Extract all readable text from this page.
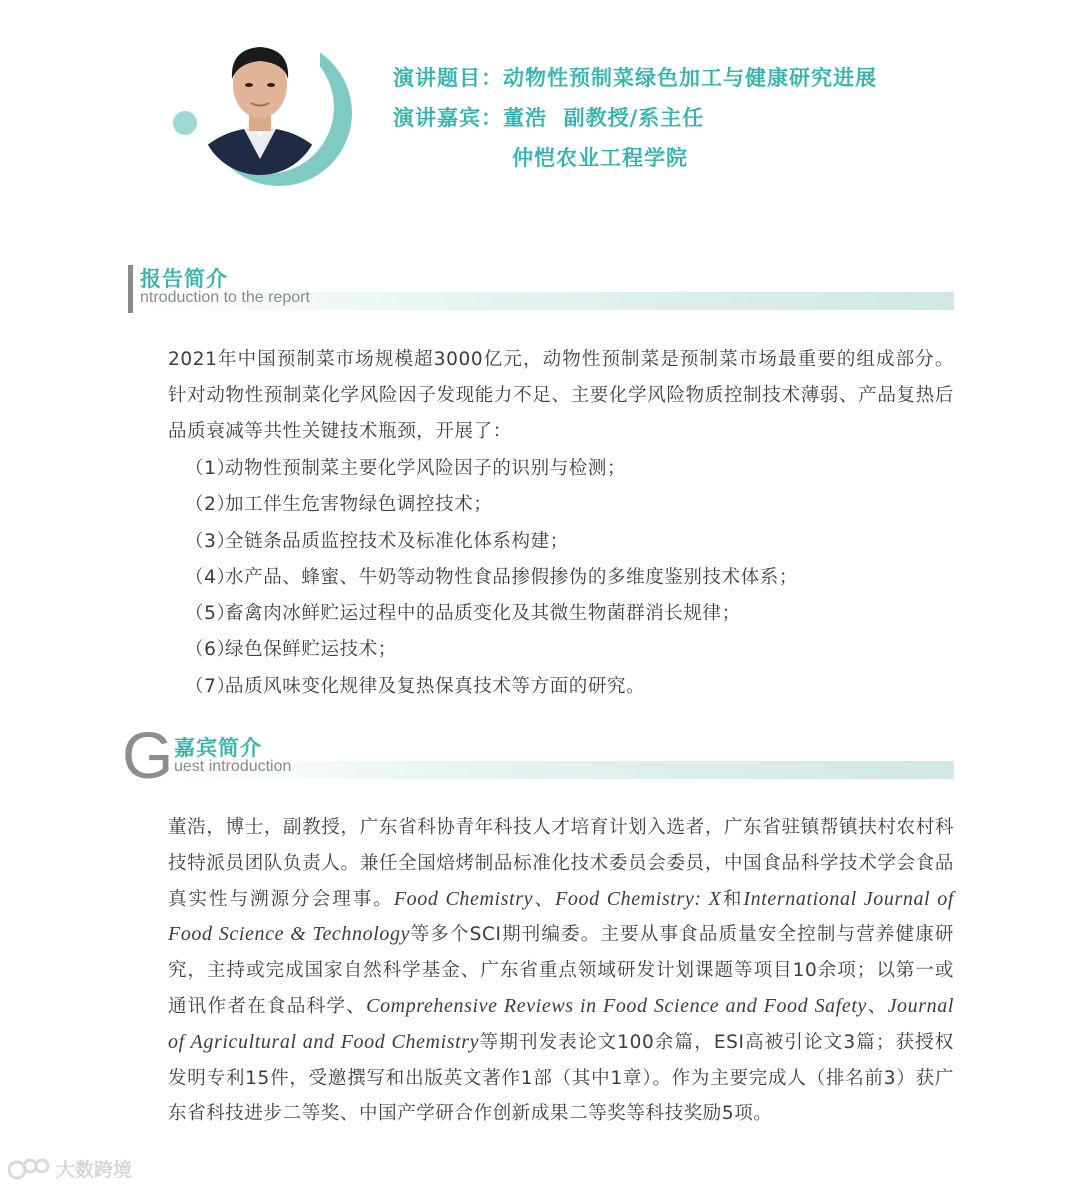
演讲题目：动物性预制菜绿色加工与健康研究进展
演讲嘉宾：董浩  副教授/系主任
仲恺农业工程学院
报告简介
ntroduction to the report
2021年中国预制菜市场规模超3000亿元，动物性预制菜是预制菜市场最重要的组成部分。针对动物性预制菜化学风险因子发现能力不足、主要化学风险物质控制技术薄弱、产品复热后品质衰减等共性关键技术瓶颈，开展了：
（1）动物性预制菜主要化学风险因子的识别与检测；
（2）加工伴生危害物绿色调控技术；
（3）全链条品质监控技术及标准化体系构建；
（4）水产品、蜂蜜、牛奶等动物性食品掺假掺伪的多维度鉴别技术体系；
（5）畜禽肉冰鲜贮运过程中的品质变化及其微生物菌群消长规律；
（6）绿色保鲜贮运技术；
（7）品质风味变化规律及复热保真技术等方面的研究。
G 嘉宾简介
uest introduction
董浩，博士，副教授，广东省科协青年科技人才培育计划入选者，广东省驻镇帮镇扶村农村科技特派员团队负责人。兼任全国焙烤制品标准化技术委员会委员，中国食品科学技术学会食品真实性与溯源分会理事。Food Chemistry、Food Chemistry: X和International Journal of Food Science & Technology等多个SCI期刊编委。主要从事食品质量安全控制与营养健康研究，主持或完成国家自然科学基金、广东省重点领域研发计划课题等项目10余项；以第一或通讯作者在食品科学、Comprehensive Reviews in Food Science and Food Safety、Journal of Agricultural and Food Chemistry等期刊发表论文100余篇，ESI高被引论文3篇；获授权发明专利15件，受邀撰写和出版英文著作1部（其中1章）。作为主要完成人（排名前3）获广东省科技进步二等奖、中国产学研合作创新成果二等奖等科技奖励5项。
大数跨境
